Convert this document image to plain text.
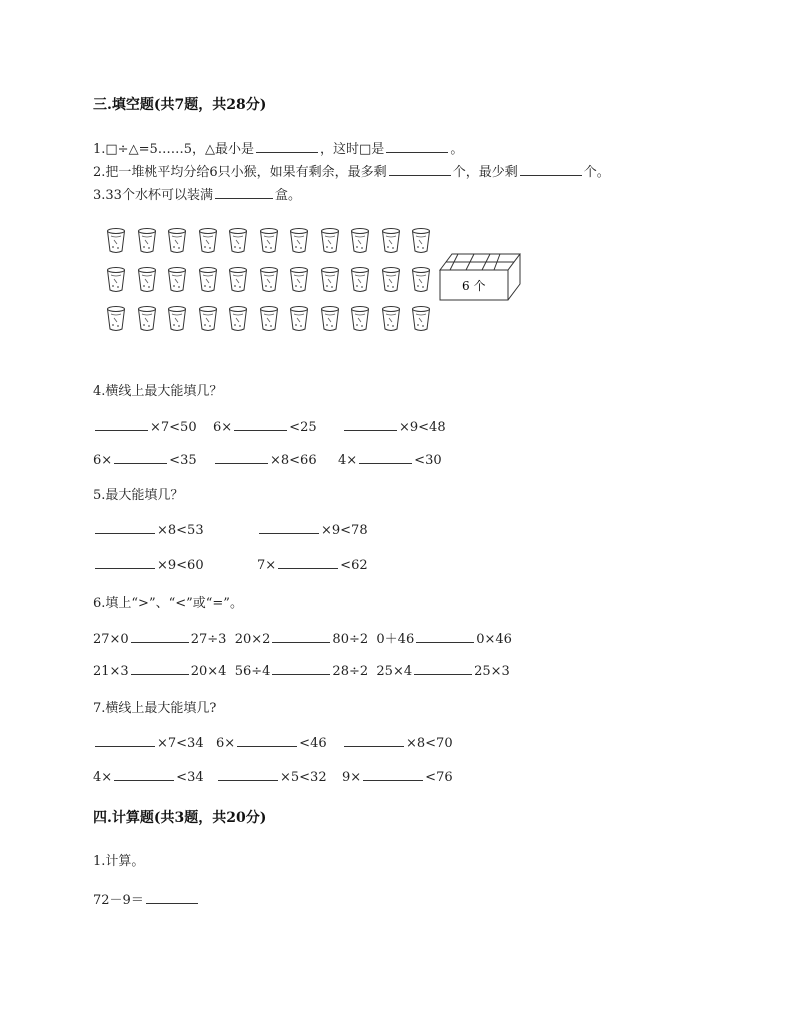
三.填空题(共7题，共28分)
1.□÷△=5……5，△最小是	，这时□是	。
2.把一堆桃平均分给6只小猴，如果有剩余，最多剩	个，最少剩	个。
3.33个水杯可以装满	盒。
6 个
4.横线上最大能填几？
×7<50 6×	<25	×9<48
6×	<35	×8<66 4×	<30
5.最大能填几？
×8<53	×9<78
×9<60	7×	<62
6.填上“>”、“<”或“=”。
27×0	27÷3 20×2	80÷2 0＋46	0×46
21×3	20×4 56÷4	28÷2 25×4	25×3
7.横线上最大能填几?
×7<34 6×	<46	×8<70
4×	<34	×5<32 9×	<76
四.计算题(共3题，共20分)
1.计算。
72－9＝
